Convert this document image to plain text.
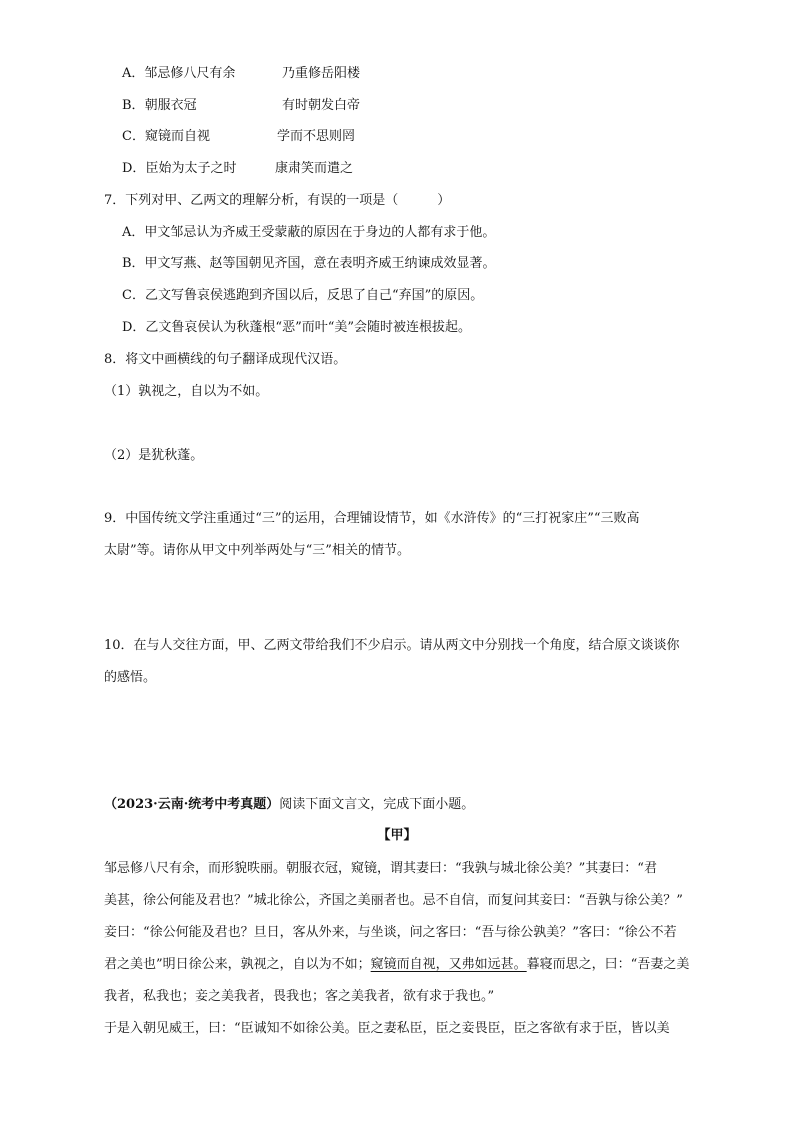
A．邹忌修八尺有余	乃重修岳阳楼
B．朝服衣冠	有时朝发白帝
C．窥镜而自视	学而不思则罔
D．臣始为太子之时	康肃笑而遣之
7．下列对甲、乙两文的理解分析，有误的一项是（　　　）
A．甲文邹忌认为齐威王受蒙蔽的原因在于身边的人都有求于他。
B．甲文写燕、赵等国朝见齐国，意在表明齐威王纳谏成效显著。
C．乙文写鲁哀侯逃跑到齐国以后，反思了自己“弃国”的原因。
D．乙文鲁哀侯认为秋蓬根“恶”而叶“美”会随时被连根拔起。
8．将文中画横线的句子翻译成现代汉语。
（1）孰视之，自以为不如。
（2）是犹秋蓬。
9．中国传统文学注重通过“三”的运用，合理铺设情节，如《水浒传》的“三打祝家庄”“三败高
太尉”等。请你从甲文中列举两处与“三”相关的情节。
10．在与人交往方面，甲、乙两文带给我们不少启示。请从两文中分别找一个角度，结合原文谈谈你
的感悟。
（2023·云南·统考中考真题）阅读下面文言文，完成下面小题。
【甲】
邹忌修八尺有余，而形貌昳丽。朝服衣冠，窥镜，谓其妻曰：“我孰与城北徐公美？”其妻曰：“君
美甚，徐公何能及君也？”城北徐公，齐国之美丽者也。忌不自信，而复问其妾曰：“吾孰与徐公美？”
妾曰：“徐公何能及君也？旦日，客从外来，与坐谈，问之客曰：“吾与徐公孰美？”客曰：“徐公不若
君之美也”明日徐公来，孰视之，自以为不如；窥镜而自视，又弗如远甚。暮寝而思之，曰：“吾妻之美
我者，私我也；妾之美我者，畏我也；客之美我者，欲有求于我也。”
于是入朝见威王，曰：“臣诚知不如徐公美。臣之妻私臣，臣之妾畏臣，臣之客欲有求于臣，皆以美
